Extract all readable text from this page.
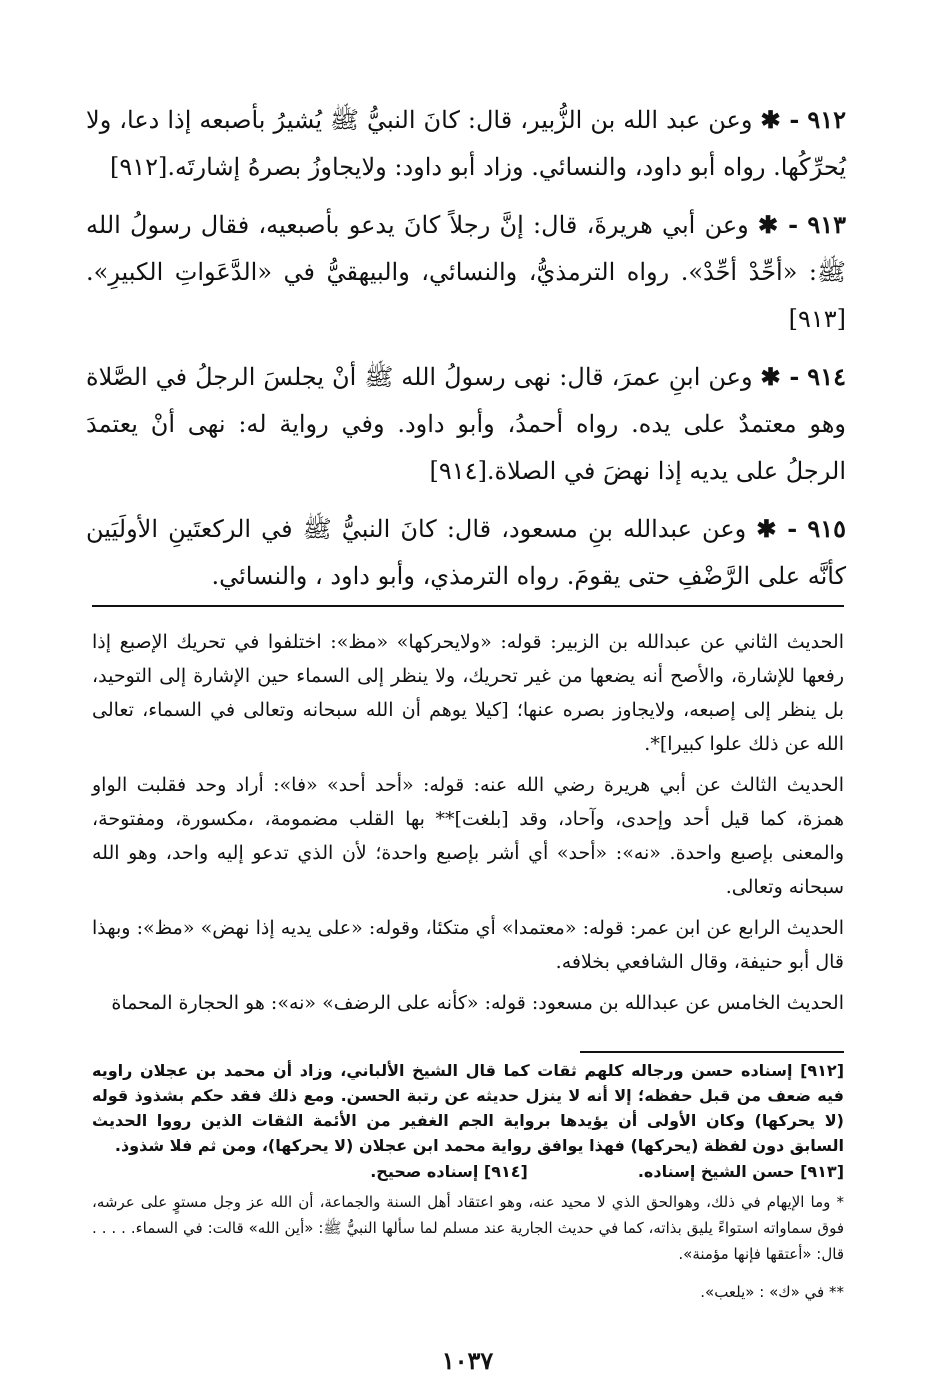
٩١٢ - ✱ وعن عبد الله بن الزُّبير، قال: كانَ النبيُّ ﷺ يُشيرُ بأصبعه إذا دعا، ولا يُحرِّكُها. رواه أبو داود، والنسائي. وزاد أبو داود: ولايجاوزُ بصرهُ إشارتَه.[٩١٢]

٩١٣ - ✱ وعن أبي هريرةَ، قال: إنَّ رجلاً كانَ يدعو بأصبعيه، فقال رسولُ الله ﷺ: «أحِّدْ أحِّدْ». رواه الترمذيُّ، والنسائي، والبيهقيُّ في «الدَّعَواتِ الكبيرِ».[٩١٣]

٩١٤ - ✱ وعن ابنِ عمرَ، قال: نهى رسولُ الله ﷺ أنْ يجلسَ الرجلُ في الصَّلاة وهو معتمدٌ على يده. رواه أحمدُ، وأبو داود. وفي رواية له: نهى أنْ يعتمدَ الرجلُ على يديه إذا نهضَ في الصلاة.[٩١٤]

٩١٥ - ✱ وعن عبدالله بنِ مسعود، قال: كانَ النبيُّ ﷺ في الركعتَينِ الأولَيَين كأنَّه على الرَّضْفِ حتى يقومَ. رواه الترمذي، وأبو داود ، والنسائي.

الحديث الثاني عن عبدالله بن الزبير: قوله: «ولايحركها» «مظ»: اختلفوا في تحريك الإصبع إذا رفعها للإشارة، والأصح أنه يضعها من غير تحريك، ولا ينظر إلى السماء حين الإشارة إلى التوحيد، بل ينظر إلى إصبعه، ولايجاوز بصره عنها؛ [كيلا يوهم أن الله سبحانه وتعالى في السماء، تعالى الله عن ذلك علوا كبيرا]*.

الحديث الثالث عن أبي هريرة رضي الله عنه: قوله: «أحد أحد» «فا»: أراد وحد فقلبت الواو همزة، كما قيل أحد وإحدى، وآحاد، وقد [بلغت]** بها القلب مضمومة، ،مكسورة، ومفتوحة، والمعنى بإصبع واحدة. «نه»: «أحد» أي أشر بإصبع واحدة؛ لأن الذي تدعو إليه واحد، وهو الله سبحانه وتعالى.

الحديث الرابع عن ابن عمر: قوله: «معتمدا» أي متكئا، وقوله: «على يديه إذا نهض» «مظ»: وبهذا قال أبو حنيفة، وقال الشافعي بخلافه.

الحديث الخامس عن عبدالله بن مسعود: قوله: «كأنه على الرضف» «نه»: هو الحجارة المحماة

[٩١٢] إسناده حسن ورجاله كلهم ثقات كما قال الشيخ الألباني، وزاد أن محمد بن عجلان راويه فيه ضعف من قبل حفظه؛ إلا أنه لا ينزل حديثه عن رتبة الحسن. ومع ذلك فقد حكم بشذوذ قوله (لا يحركها) وكان الأولى أن يؤيدها برواية الجم الغفير من الأئمة الثقات الذين رووا الحديث السابق دون لفظة (يحركها) فهذا يوافق رواية محمد ابن عجلان (لا يحركها)، ومن ثم فلا شذوذ.

[٩١٣] حسن الشيخ إسناده.
[٩١٤] إسناده صحيح.

* وما الإيهام في ذلك، وهوالحق الذي لا محيد عنه، وهو اعتقاد أهل السنة والجماعة، أن الله عز وجل مستوٍ على عرشه، فوق سماواته استواءً يليق بذاته، كما في حديث الجارية عند مسلم لما سألها النبيُّ ﷺ: «أين الله» قالت: في السماء. . . . . قال: «أعتقها فإنها مؤمنة».

** في «ك» : «يلعب».

١٠٣٧
